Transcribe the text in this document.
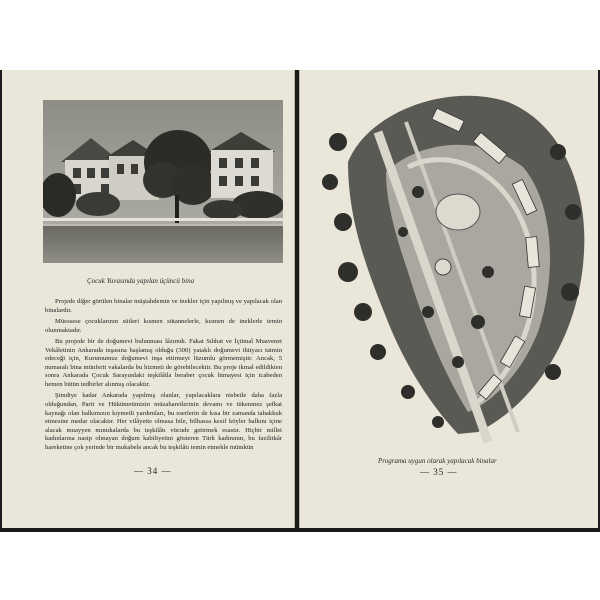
Çocuk Yuvasında yapılan üçüncü bina

Projede diğer görülen binalar müştahdemin ve inekler için yapılmış ve yapılacak olan binalardır.

Müessese çocuklarının sütleri kısmen sütannelerle, kısmen de ineklerle temin olunmaktadır.

Bu projede bir de doğumevi bulunması lâzımdı. Fakat Sıhhat ve İçtimaî Muavenet Vekâletinin Ankarada inşasına başlamış olduğu (300) yataklı doğumevi ihtiyacı tatmin edeceği için, Kurumumuz doğumevi inşa ettirmeyi lüzumlu görmemiştir. Ancak, 5 numaralı bina münferit vakalarda bu hizmeti de görebilecektir. Bu proje ikmal edildikten sonra Ankarada Çocuk Sarayındaki teşkilâtla beraber çocuk himayesi için icabeden hemen bütün tedbirler alınmış olacaktır.

Şimdiye kadar Ankarada yapılmış olanlar, yapılacaklara nisbetle daha fazla olduğundan, Parti ve Hükümetimizin müzaharetlerinin devamı ve tükenmez şefkat kaynağı olan halkımızın kıymetli yardımları, bu eserlerin de kısa bir zamanda tahakkuk etmesine medar olacaktır. Her vilâyette olmasa bile, bilhassa kesif köyler halkını içine alacak muayyen mıntıkalarda bu teşkilâtı vücude getirmek esastır. Hiçbir millet kadınlarına nasip olmayan doğum kabiliyetini gösteren Türk kadınının, bu fazilitkâr hareketine çok yerinde bir mukabele ancak bu teşkilâtı temin etmekle mümkün

— 34 —
Programa uygun olarak yapılacak binalar
— 35 —
